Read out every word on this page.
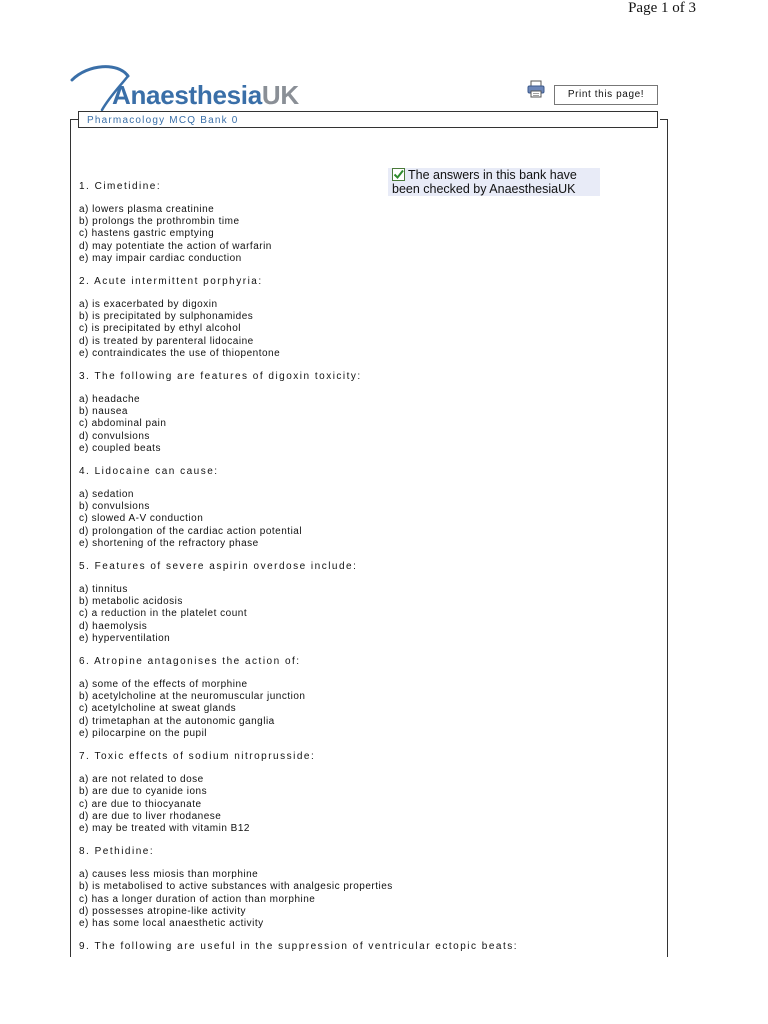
Page 1 of 3
AnaesthesiaUK	Print this page!
Pharmacology MCQ Bank 0
The answers in this bank have
been checked by AnaesthesiaUK
1. Cimetidine:
a) lowers plasma creatinine
b) prolongs the prothrombin time
c) hastens gastric emptying
d) may potentiate the action of warfarin
e) may impair cardiac conduction
2. Acute intermittent porphyria:
a) is exacerbated by digoxin
b) is precipitated by sulphonamides
c) is precipitated by ethyl alcohol
d) is treated by parenteral lidocaine
e) contraindicates the use of thiopentone
3. The following are features of digoxin toxicity:
a) headache
b) nausea
c) abdominal pain
d) convulsions
e) coupled beats
4. Lidocaine can cause:
a) sedation
b) convulsions
c) slowed A-V conduction
d) prolongation of the cardiac action potential
e) shortening of the refractory phase
5. Features of severe aspirin overdose include:
a) tinnitus
b) metabolic acidosis
c) a reduction in the platelet count
d) haemolysis
e) hyperventilation
6. Atropine antagonises the action of:
a) some of the effects of morphine
b) acetylcholine at the neuromuscular junction
c) acetylcholine at sweat glands
d) trimetaphan at the autonomic ganglia
e) pilocarpine on the pupil
7. Toxic effects of sodium nitroprusside:
a) are not related to dose
b) are due to cyanide ions
c) are due to thiocyanate
d) are due to liver rhodanese
e) may be treated with vitamin B12
8. Pethidine:
a) causes less miosis than morphine
b) is metabolised to active substances with analgesic properties
c) has a longer duration of action than morphine
d) possesses atropine-like activity
e) has some local anaesthetic activity
9. The following are useful in the suppression of ventricular ectopic beats:
